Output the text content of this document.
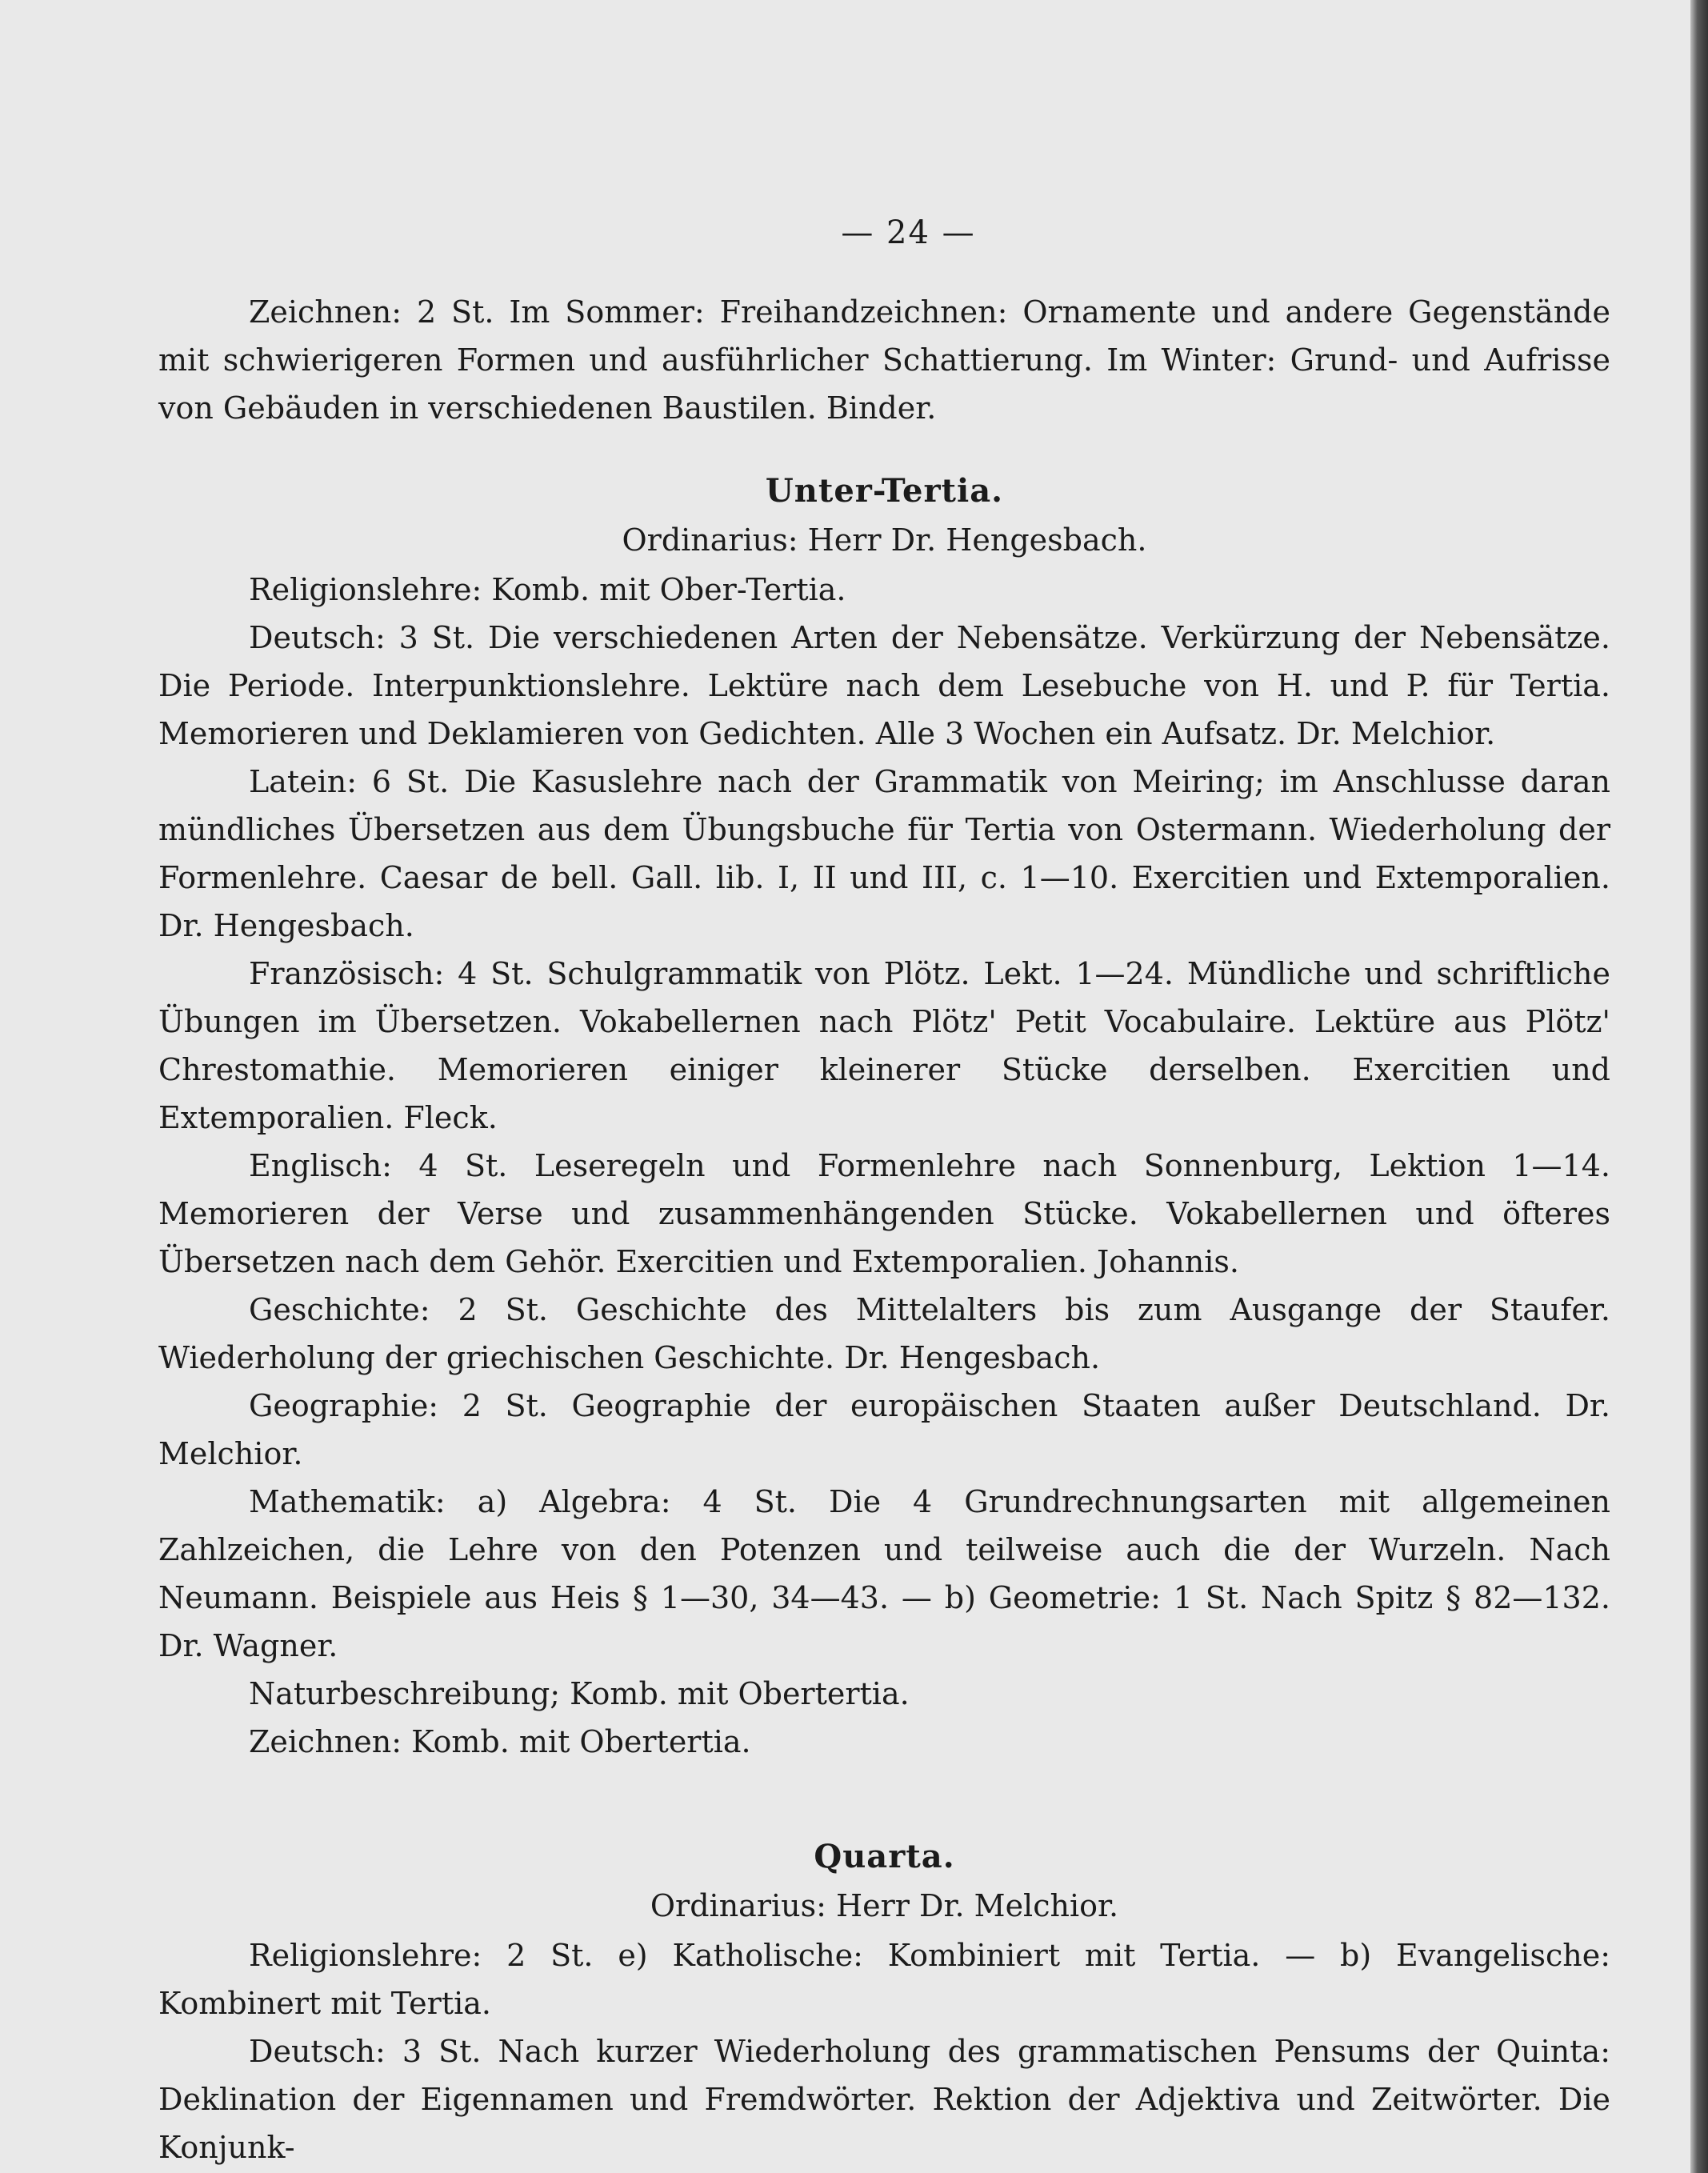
— 24 —

Zeichnen: 2 St. Im Sommer: Freihandzeichnen: Ornamente und andere Gegenstände mit schwierigeren Formen und ausführlicher Schattierung. Im Winter: Grund- und Aufrisse von Gebäuden in verschiedenen Baustilen. Binder.

Unter-Tertia.
Ordinarius: Herr Dr. Hengesbach.

Religionslehre: Komb. mit Ober-Tertia.

Deutsch: 3 St. Die verschiedenen Arten der Nebensätze. Verkürzung der Nebensätze. Die Periode. Interpunktionslehre. Lektüre nach dem Lesebuche von H. und P. für Tertia. Memorieren und Deklamieren von Gedichten. Alle 3 Wochen ein Aufsatz. Dr. Melchior.

Latein: 6 St. Die Kasuslehre nach der Grammatik von Meiring; im Anschlusse daran mündliches Übersetzen aus dem Übungsbuche für Tertia von Ostermann. Wiederholung der Formenlehre. Caesar de bell. Gall. lib. I, II und III, c. 1—10. Exercitien und Extemporalien. Dr. Hengesbach.

Französisch: 4 St. Schulgrammatik von Plötz. Lekt. 1—24. Mündliche und schriftliche Übungen im Übersetzen. Vokabellernen nach Plötz' Petit Vocabulaire. Lektüre aus Plötz' Chrestomathie. Memorieren einiger kleinerer Stücke derselben. Exercitien und Extemporalien. Fleck.

Englisch: 4 St. Leseregeln und Formenlehre nach Sonnenburg, Lektion 1—14. Memorieren der Verse und zusammenhängenden Stücke. Vokabellernen und öfteres Übersetzen nach dem Gehör. Exercitien und Extemporalien. Johannis.

Geschichte: 2 St. Geschichte des Mittelalters bis zum Ausgange der Staufer. Wiederholung der griechischen Geschichte. Dr. Hengesbach.

Geographie: 2 St. Geographie der europäischen Staaten außer Deutschland. Dr. Melchior.

Mathematik: a) Algebra: 4 St. Die 4 Grundrechnungsarten mit allgemeinen Zahlzeichen, die Lehre von den Potenzen und teilweise auch die der Wurzeln. Nach Neumann. Beispiele aus Heis § 1—30, 34—43. — b) Geometrie: 1 St. Nach Spitz § 82—132. Dr. Wagner.

Naturbeschreibung; Komb. mit Obertertia.

Zeichnen: Komb. mit Obertertia.

Quarta.
Ordinarius: Herr Dr. Melchior.

Religionslehre: 2 St. e) Katholische: Kombiniert mit Tertia. — b) Evangelische: Kombinert mit Tertia.

Deutsch: 3 St. Nach kurzer Wiederholung des grammatischen Pensums der Quinta: Deklination der Eigennamen und Fremdwörter. Rektion der Adjektiva und Zeitwörter. Die Konjunk-
